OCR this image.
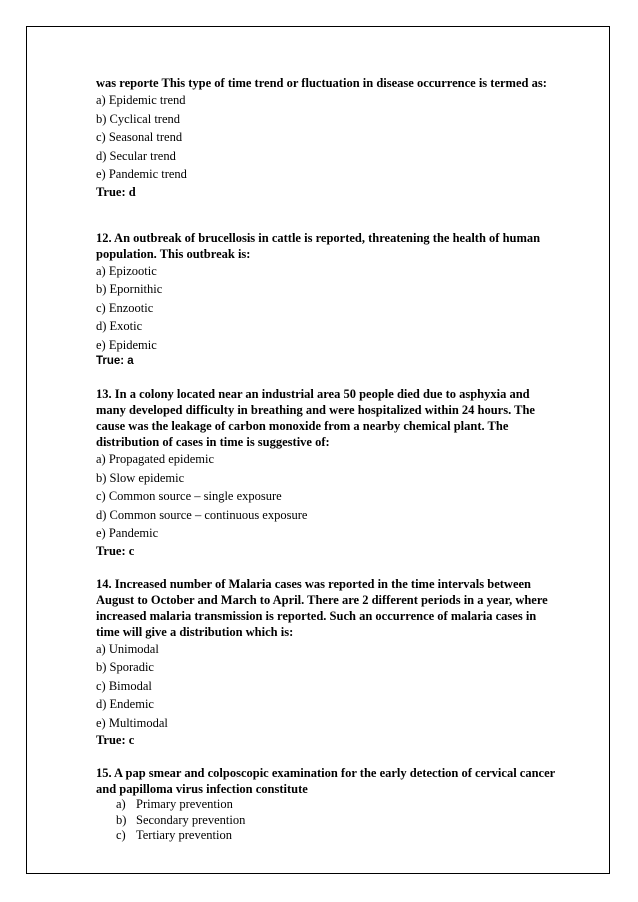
was reporte This type of time trend or fluctuation in disease occurrence is termed as:

a) Epidemic trend

b) Cyclical trend

c) Seasonal trend

d) Secular trend

e) Pandemic trend

True: d

12. An outbreak of brucellosis in cattle is reported, threatening the health of human population. This outbreak is:

a) Epizootic

b) Epornithic

c) Enzootic

d) Exotic

e) Epidemic

True: a

13. In a colony located near an industrial area 50 people died due to asphyxia and many developed difficulty in breathing and were hospitalized within 24 hours. The cause was the leakage of carbon monoxide from a nearby chemical plant. The distribution of cases in time is suggestive of:

a) Propagated epidemic

b) Slow epidemic

c) Common source – single exposure

d) Common source – continuous exposure

e) Pandemic

True: c

14. Increased number of Malaria cases was reported in the time intervals between August to October and March to April. There are 2 different periods in a year, where increased malaria transmission is reported. Such an occurrence of malaria cases in time will give a distribution which is:

a) Unimodal

b) Sporadic

c) Bimodal

d) Endemic

e) Multimodal

True: c

15. A pap smear and colposcopic examination for the early detection of cervical cancer and papilloma virus infection constitute

a) Primary prevention
b) Secondary prevention
c) Tertiary prevention
